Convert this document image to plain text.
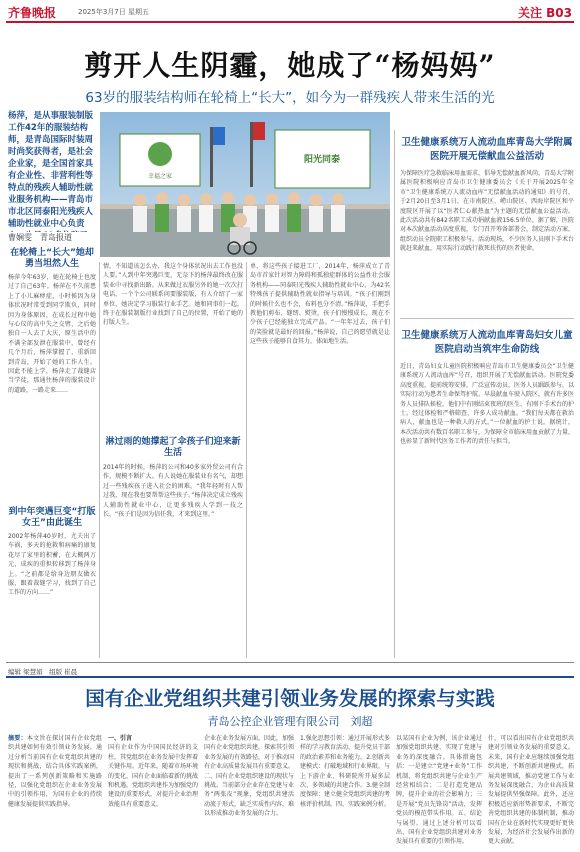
齐鲁晚报	2025年3月7日 星期五	关注 B03
剪开人生阴霾，她成了“杨妈妈”
63岁的服装结构师在轮椅上“长大”，如今为一群残疾人带来生活的光
杨萍，是从事服装制版工作42年的服装结构师，是青岛国际时装周时尚奖获得者，是社会企业家，是全国首家具有企业性、非营利性等特点的残疾人辅助性就业服务机构——青岛市市北区同泰阳光残疾人辅助性就业中心负责
曹娴雯　青岛报道
幸福之家
阳光同泰
在轮椅上“长大”她却勇当坦然人生
杨萍今年63岁，她在轮椅上也度过了自己63年。杨萍在不久前患上了小儿麻痹症，小时候因为身体状况时常受到同学欺负，同时因为身体原因，在成长过程中她与心仪的高中失之交臂，之后她独自一人去了大庆，原生活中的不满全部发泄在服装中，曾经有几个月后，杨萍掌握了，重新回到青岛，开始了她的工作人生。因此不能上学，杨萍走了裁缝店当学徒，那通往杨萍的服装设计的道路，一路走来……
到中年突遇巨变“打版女王”由此诞生
2002年杨萍40岁时，尤夫出了车祸，多天的抢救和病痛的康复花尽了家里的积蓄，在大概两万元，成疾的重担转移到了杨萍身上。“之前都是给身边朋友做衣服，跟着裁缝学习，找到了自己工作的方向……”
情，不知道该怎么办，我这个身体状况出去工作也没人要。”人到中年突遇巨变，无奈下的杨萍最终改在服装业中寻找新出路。从来做过衣服另外的她一次次打电话，一个个公司联系问要服装版，有人介绍了一家单位，她决定学习服装行业手艺。她和同事们一起，终于在服装制版行业找到了自己的位置，开始了她的打版人生。
淋过雨的她撑起了伞孩子们迎来新生活
2014年的时候，杨萍的公司和40多家外贸公司有合作，规模不断扩大。有人说她在服装业有名气，却想过一些残疾孩子进入社会的困难。“我年轻时有人帮过我，现在我也要帮帮这些孩子。”杨萍决定成立残疾人辅助性就业中心，让更多残疾人学到一技之长，“孩子们是因为信任我，才来到这里。”
单，将这些孩子接进工厂，2014年，杨萍成立了青岛市首家针对智力障碍和孤独症群体的公益性社会服务机构——同泰阳光残疾人辅助性就业中心，为42名特殊孩子提供辅助性就业指导与培训。“孩子们刚到的时候什么也不会，布料也分不清。”杨萍说，手把手教他们剪布、缝纫、熨烫，孩子们慢慢成长，现在不少孩子已经能独立完成产品。“一年年过去，孩子们的笑脸就是最好的回报。”杨萍说，自己的愿望就是让这些孩子能够自食其力，体面地生活。
卫生健康系统万人流动血库青岛大学附属医院开展无偿献血公益活动
为保障医疗急救临床用血需求，倡导无偿献血新风尚，青岛大学附属医院积极响应青岛市卫生健康委员会《关于开展2025年全市“卫生健康系统万人流动血库”无偿献血活动的通知》的号召，于2月20日至3月1日，在市南院区、崂山院区、西海岸院区和平度院区开展了以“医者仁心献热血”为主题的无偿献血公益活动。此次活动共有842名职工成功捐献血液156.5单位。据了解，医院对本次献血活动高度重视，专门召开筹备部署会，制定活动方案，组织动员全院职工积极参与。活动现场，不少医务人员刚下手术台就赶来献血，用实际行动践行救死扶伤的医者使命。
卫生健康系统万人流动血库青岛妇女儿童医院启动当筑牢生命防线
近日，青岛妇女儿童医院积极响应青岛市卫生健康委员会“卫生健康系统万人流动血库”号召，组织开展了无偿献血活动。医院党委高度重视，提前统筹安排，广泛宣传动员，医务人员踊跃参与，以实际行动为患者生命保驾护航。早晨献血车驶入院区，就有许多医务人员排队候检，他们中有刚结束夜班的医生、有刚下手术台的护士。经过体检和严格筛查，许多人成功献血。“我们每天都在救治病人，献血也是一种救人的方式。”一位献血的护士说。据统计，本次活动共有数百名职工参与，为保障全市临床用血贡献了力量，也彰显了新时代医务工作者的责任与担当。
编辑 梁慧娟　组版 崔晨
国有企业党组织共建引领业务发展的探索与实践
青岛公控企业管理有限公司　刘超
摘要：本文旨在探讨国有企业党组织共建如何有效引领业务发展。通过分析当前国有企业党组织共建的现状和挑战，结合具体实践案例，提出了一系列创新策略和实施路径，以强化党组织在企业业务发展中的引领作用，为国有企业的持续健康发展提供实践指导。
一、引言
国有企业作为中国国民经济的支柱，其党组织在业务发展中发挥着关键作用。近年来，随着市场环境的变化，国有企业面临着新的挑战和机遇。党组织共建作为加强党的建设的重要形式，对提升企业治理效能具有重要意义。
企业在业务发展方面，因此，加强国有企业党组织共建，探索其引领业务发展的有效路径，对于推动国有企业高质量发展具有重要意义。二、国有企业党组织建设的现状与挑战。当前部分企业存在党建与业务“两张皮”现象，党组织共建活动流于形式，缺乏实质性内容，难以形成推动业务发展的合力。
1.强化思想引领：通过开展形式多样的学习教育活动，提升党员干部的政治素养和业务能力。2.创新共建模式：打破地域和行业界限，与上下游企业、科研院所开展多层次、多领域的共建合作。3.健全制度保障：建立健全党组织共建的考核评价机制。四、实践案例分析。
以某国有企业为例，该企业通过加强党组织共建，实现了党建与业务的深度融合。具体措施包括：一是建立“党建+业务”工作机制，将党组织共建与企业生产经营相结合；二是打造党建品牌，提升企业的社会影响力；三是开展“党员先锋岗”活动，发挥党员的模范带头作用。五、结论与展望。通过上述分析可以看出，国有企业党组织共建对业务发展具有重要的引领作用。
什，可以看出国有企业党组织共建对引领业务发展的重要意义。未来，国有企业应继续加强党组织共建，不断创新共建模式，拓展共建领域，推动党建工作与业务发展深度融合，为企业高质量发展提供坚强保障。此外，还应积极适应新形势新要求，不断完善党组织共建的体制机制，推动国有企业在新时代实现更好更快发展，为经济社会发展作出新的更大贡献。
